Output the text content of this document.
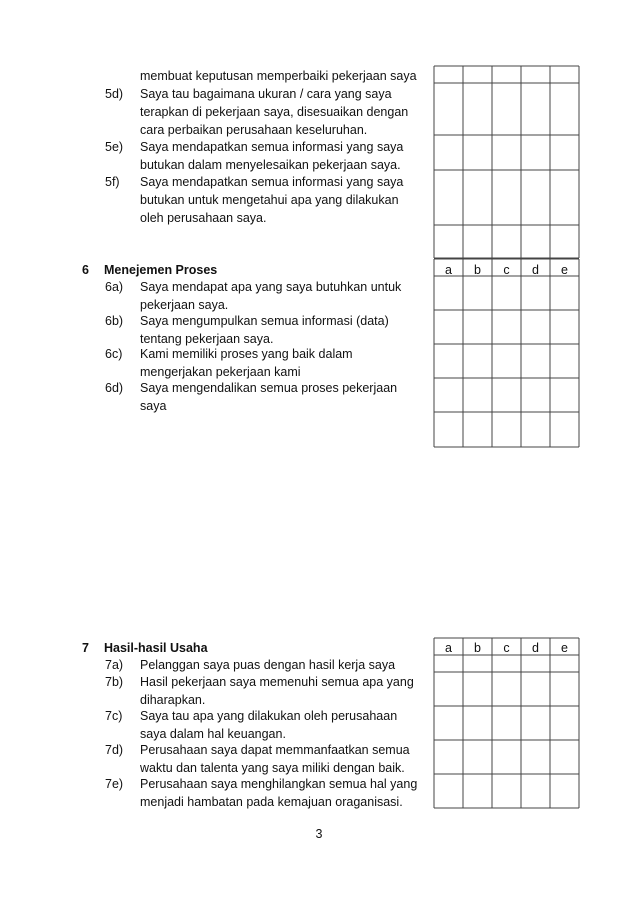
membuat keputusan memperbaiki pekerjaan saya
5d) Saya tau bagaimana ukuran / cara yang saya
terapkan di pekerjaan saya, disesuaikan dengan
cara perbaikan perusahaan keseluruhan.
5e) Saya mendapatkan semua informasi yang saya
butukan dalam menyelesaikan pekerjaan saya.
5f) Saya mendapatkan semua informasi yang saya
butukan untuk mengetahui apa yang dilakukan
oleh perusahaan saya.
6 Menejemen Proses	a	b	c	d	e
6a) Saya mendapat apa yang saya butuhkan untuk
pekerjaan saya.
6b) Saya mengumpulkan semua informasi (data)
tentang pekerjaan saya.
6c) Kami memiliki proses yang baik dalam
mengerjakan pekerjaan kami
6d) Saya mengendalikan semua proses pekerjaan
saya
7 Hasil-hasil Usaha	a	b	c	d	e
7a) Pelanggan saya puas dengan hasil kerja saya
7b) Hasil pekerjaan saya memenuhi semua apa yang
diharapkan.
7c) Saya tau apa yang dilakukan oleh perusahaan
saya dalam hal keuangan.
7d) Perusahaan saya dapat memmanfaatkan semua
waktu dan talenta yang saya miliki dengan baik.
7e) Perusahaan saya menghilangkan semua hal yang
menjadi hambatan pada kemajuan oraganisasi.
3
